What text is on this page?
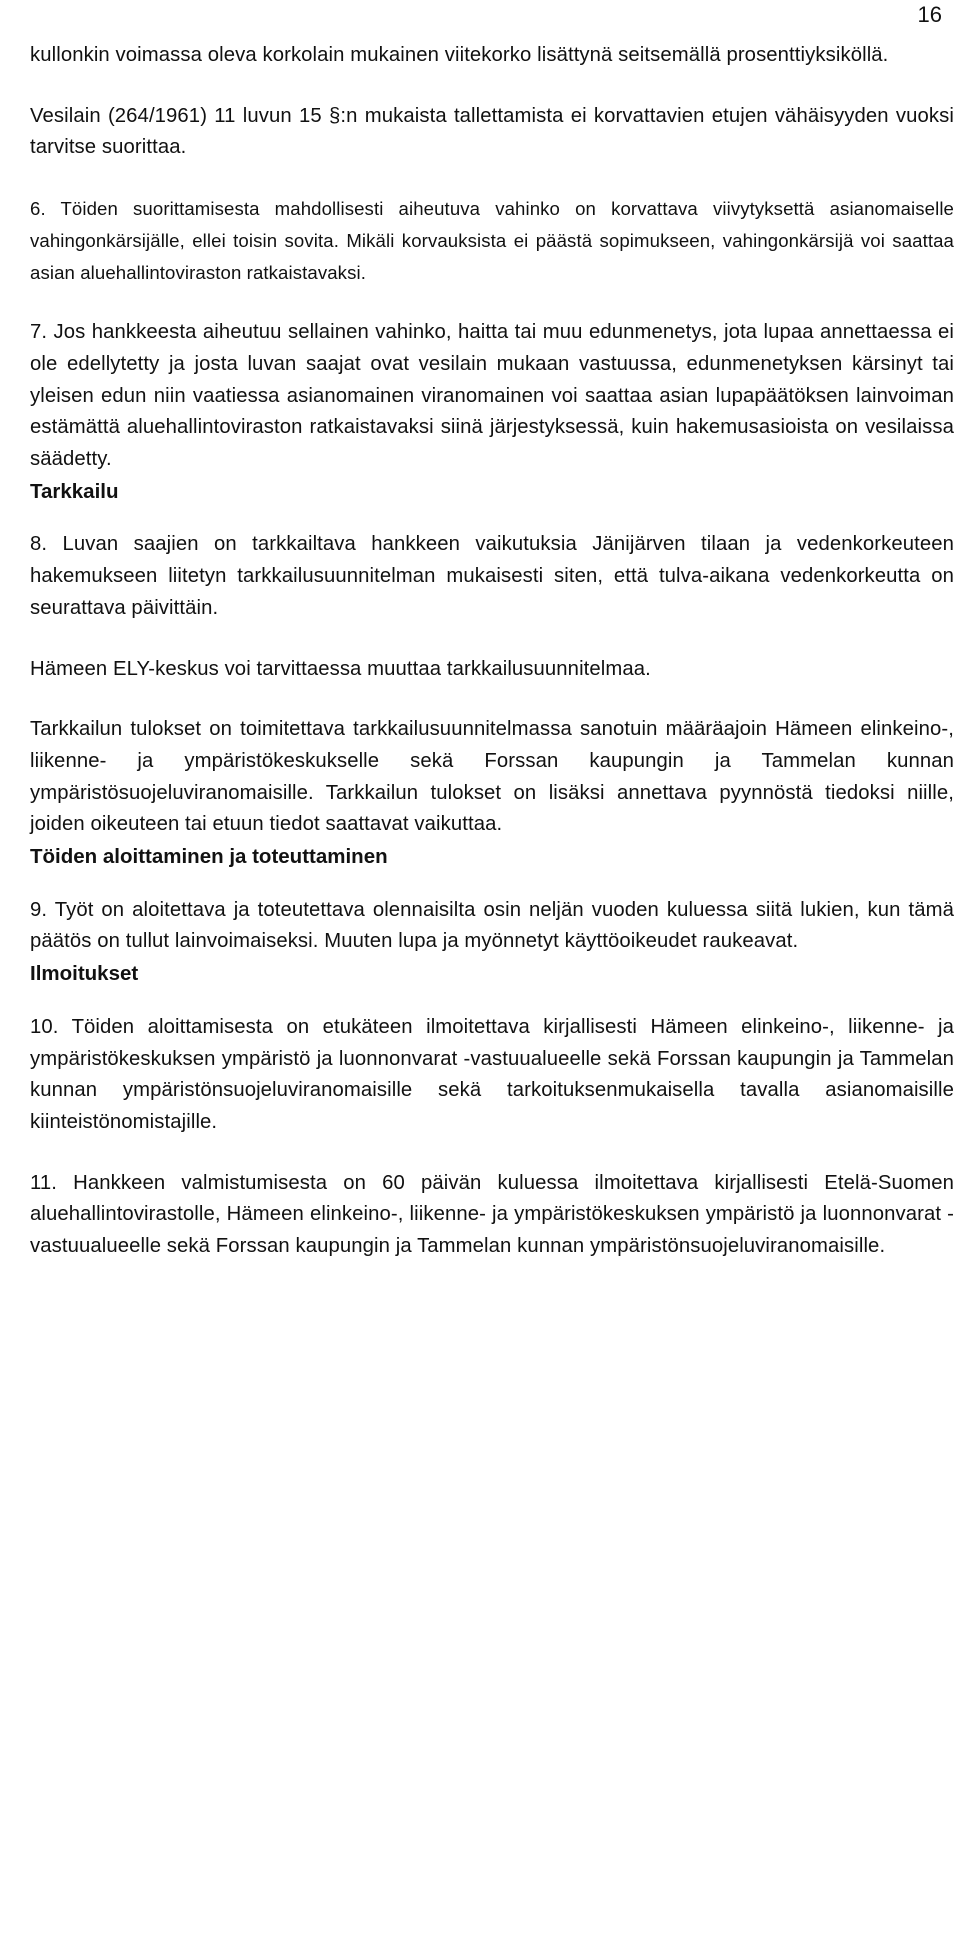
16

kullonkin voimassa oleva korkolain mukainen viitekorko lisättynä seitsemällä prosenttiyksiköllä.

Vesilain (264/1961) 11 luvun 15 §:n mukaista tallettamista ei korvattavien etujen vähäisyyden vuoksi tarvitse suorittaa.

6. Töiden suorittamisesta mahdollisesti aiheutuva vahinko on korvattava viivytyksettä asianomaiselle vahingonkärsijälle, ellei toisin sovita. Mikäli korvauksista ei päästä sopimukseen, vahingonkärsijä voi saattaa asian aluehallintoviraston ratkaistavaksi.

7. Jos hankkeesta aiheutuu sellainen vahinko, haitta tai muu edunmenetys, jota lupaa annettaessa ei ole edellytetty ja josta luvan saajat ovat vesilain mukaan vastuussa, edunmenetyksen kärsinyt tai yleisen edun niin vaatiessa asianomainen viranomainen voi saattaa asian lupapäätöksen lainvoiman estämättä aluehallintoviraston ratkaistavaksi siinä järjestyksessä, kuin hakemusasioista on vesilaissa säädetty.

Tarkkailu

8. Luvan saajien on tarkkailtava hankkeen vaikutuksia Jänijärven tilaan ja vedenkorkeuteen hakemukseen liitetyn tarkkailusuunnitelman mukaisesti siten, että tulva-aikana vedenkorkeutta on seurattava päivittäin.

Hämeen ELY-keskus voi tarvittaessa muuttaa tarkkailusuunnitelmaa.

Tarkkailun tulokset on toimitettava tarkkailusuunnitelmassa sanotuin määräajoin Hämeen elinkeino-, liikenne- ja ympäristökeskukselle sekä Forssan kaupungin ja Tammelan kunnan ympäristösuojeluviranomaisille. Tarkkailun tulokset on lisäksi annettava pyynnöstä tiedoksi niille, joiden oikeuteen tai etuun tiedot saattavat vaikuttaa.

Töiden aloittaminen ja toteuttaminen

9. Työt on aloitettava ja toteutettava olennaisilta osin neljän vuoden kuluessa siitä lukien, kun tämä päätös on tullut lainvoimaiseksi. Muuten lupa ja myönnetyt käyttöoikeudet raukeavat.

Ilmoitukset

10. Töiden aloittamisesta on etukäteen ilmoitettava kirjallisesti Hämeen elinkeino-, liikenne- ja ympäristökeskuksen ympäristö ja luonnonvarat -vastuualueelle sekä Forssan kaupungin ja Tammelan kunnan ympäristönsuojeluviranomaisille sekä tarkoituksenmukaisella tavalla asianomaisille kiinteistönomistajille.

11. Hankkeen valmistumisesta on 60 päivän kuluessa ilmoitettava kirjallisesti Etelä-Suomen aluehallintovirastolle, Hämeen elinkeino-, liikenne- ja ympäristökeskuksen ympäristö ja luonnonvarat -vastuualueelle sekä Forssan kaupungin ja Tammelan kunnan ympäristönsuojeluviranomaisille.
